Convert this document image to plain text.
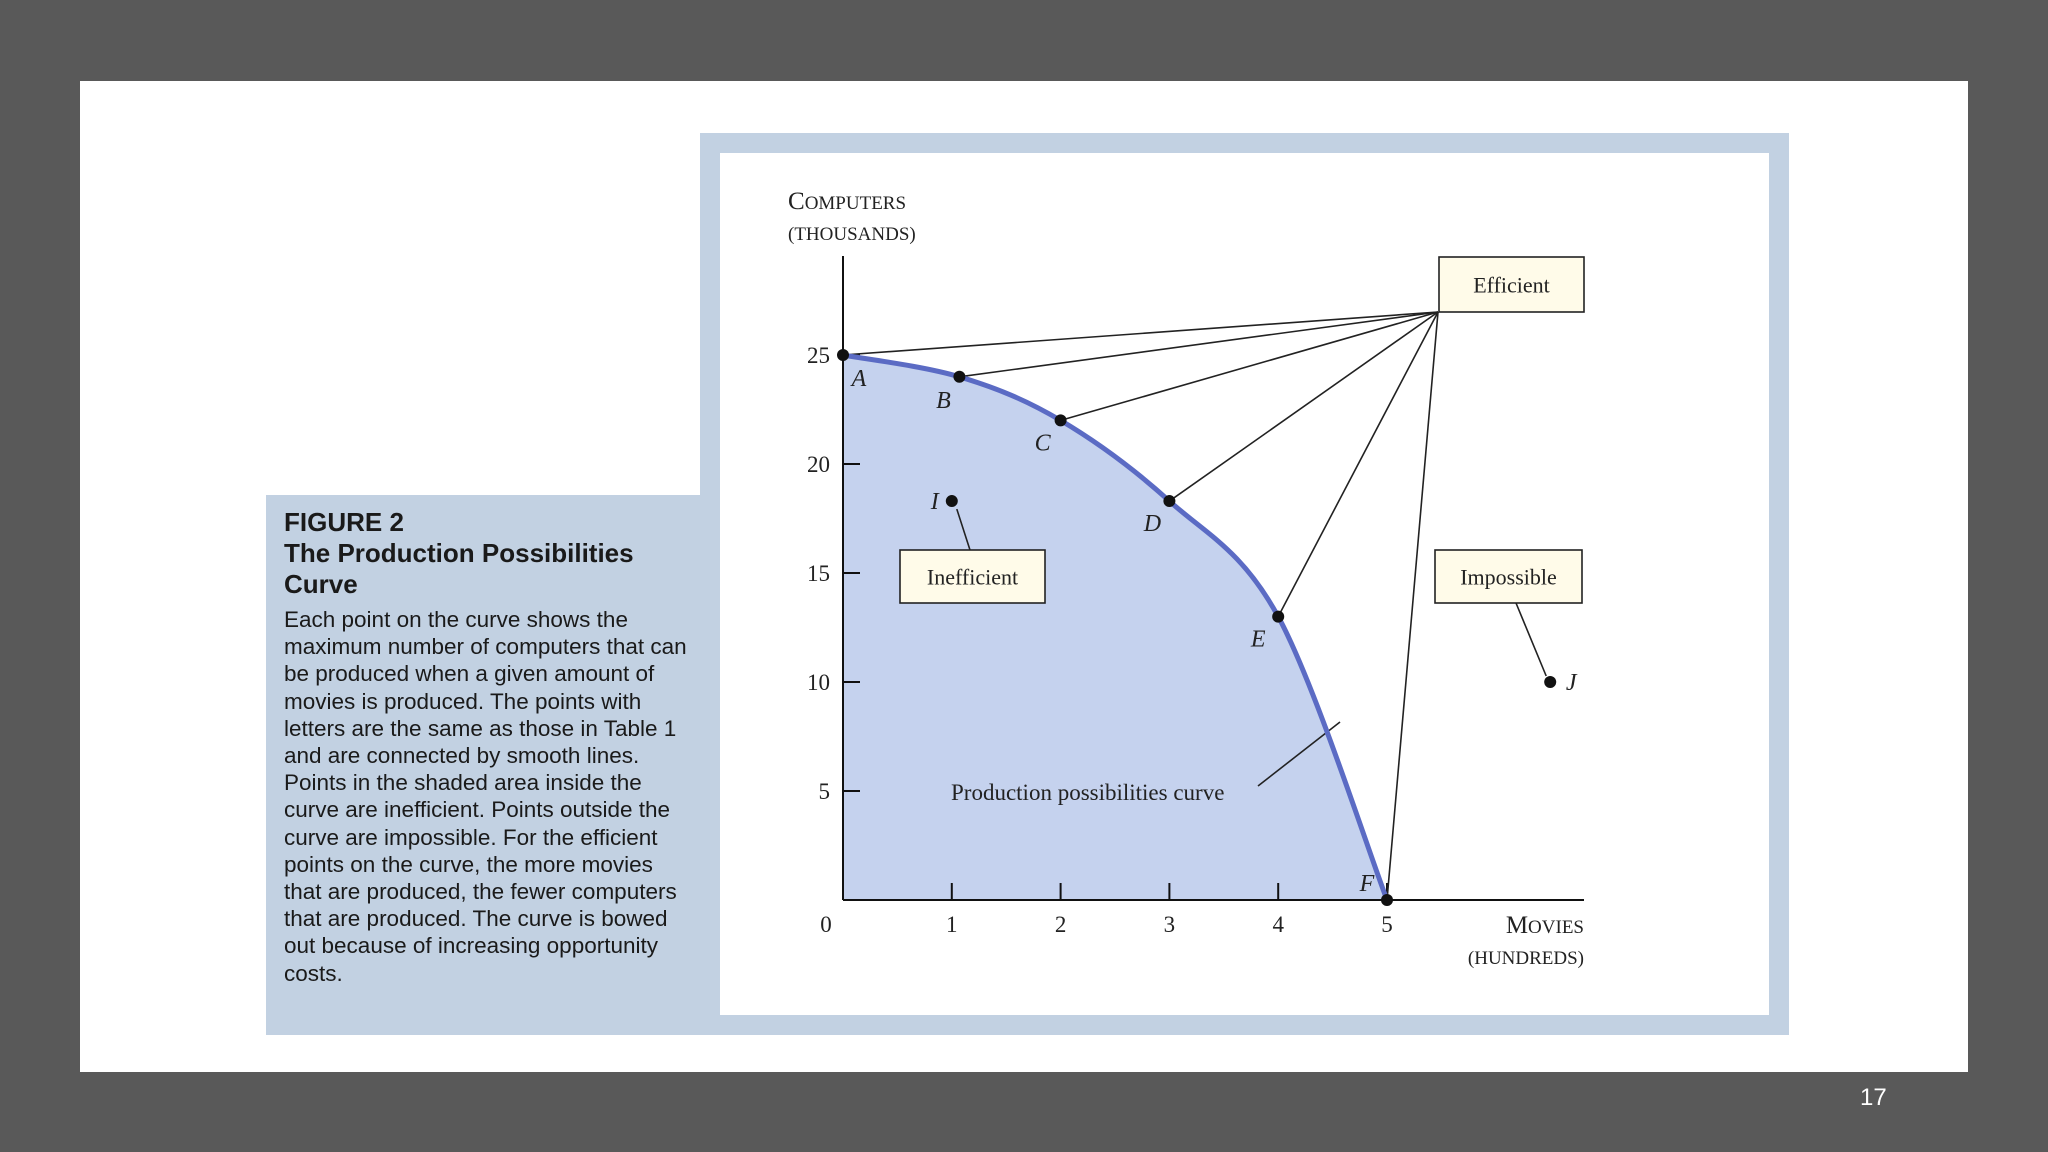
FIGURE 2
The Production Possibilities Curve
Each point on the curve shows the maximum number of computers that can be produced when a given amount of movies is produced. The points with letters are the same as those in Table 1 and are connected by smooth lines. Points in the shaded area inside the curve are inefficient. Points outside the curve are impossible. For the efficient points on the curve, the more movies that are produced, the fewer computers that are produced. The curve is bowed out because of increasing opportunity costs.
0	1	2	3	4	5
5
10
15
20
25
COMPUTERS
(THOUSANDS)
MOVIES
(HUNDREDS)
Efficient
Inefficient	Impossible
Production possibilities curve
A
B
C
D
E
F
I
J
17
